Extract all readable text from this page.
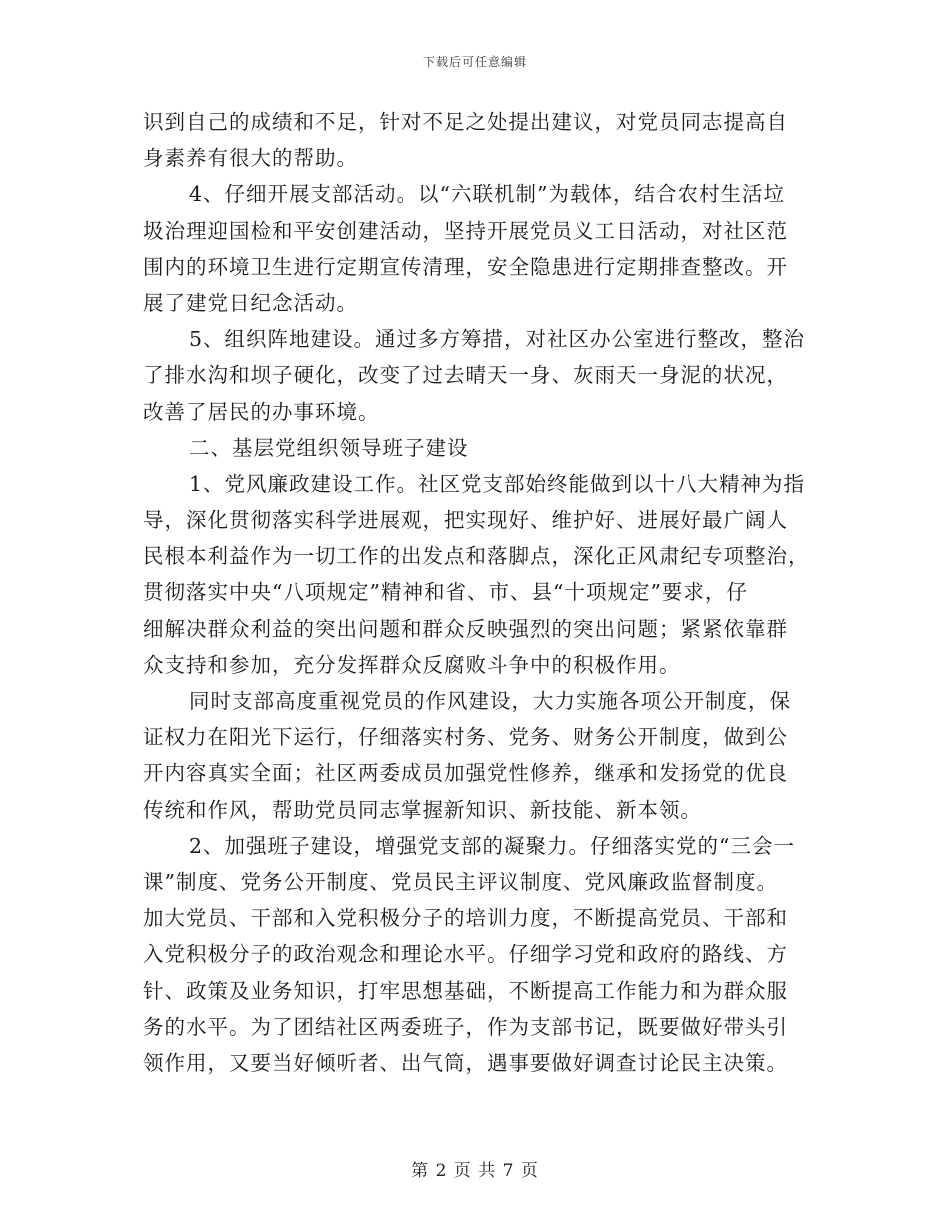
下载后可任意编辑
识到自己的成绩和不足，针对不足之处提出建议，对党员同志提高自
身素养有很大的帮助。
4、仔细开展支部活动。以“六联机制”为载体，结合农村生活垃
圾治理迎国检和平安创建活动，坚持开展党员义工日活动，对社区范
围内的环境卫生进行定期宣传清理，安全隐患进行定期排查整改。开
展了建党日纪念活动。
5、组织阵地建设。通过多方筹措，对社区办公室进行整改，整治
了排水沟和坝子硬化，改变了过去晴天一身、灰雨天一身泥的状况，
改善了居民的办事环境。
二、基层党组织领导班子建设
1、党风廉政建设工作。社区党支部始终能做到以十八大精神为指
导，深化贯彻落实科学进展观，把实现好、维护好、进展好最广阔人
民根本利益作为一切工作的出发点和落脚点，深化正风肃纪专项整治，
贯彻落实中央“八项规定”精神和省、市、县“十项规定”要求，仔
细解决群众利益的突出问题和群众反映强烈的突出问题；紧紧依靠群
众支持和参加，充分发挥群众反腐败斗争中的积极作用。
同时支部高度重视党员的作风建设，大力实施各项公开制度，保
证权力在阳光下运行，仔细落实村务、党务、财务公开制度，做到公
开内容真实全面；社区两委成员加强党性修养，继承和发扬党的优良
传统和作风，帮助党员同志掌握新知识、新技能、新本领。
2、加强班子建设，增强党支部的凝聚力。仔细落实党的“三会一
课”制度、党务公开制度、党员民主评议制度、党风廉政监督制度。
加大党员、干部和入党积极分子的培训力度，不断提高党员、干部和
入党积极分子的政治观念和理论水平。仔细学习党和政府的路线、方
针、政策及业务知识，打牢思想基础，不断提高工作能力和为群众服
务的水平。为了团结社区两委班子，作为支部书记，既要做好带头引
领作用，又要当好倾听者、出气筒，遇事要做好调查讨论民主决策。
第 2 页 共 7 页
